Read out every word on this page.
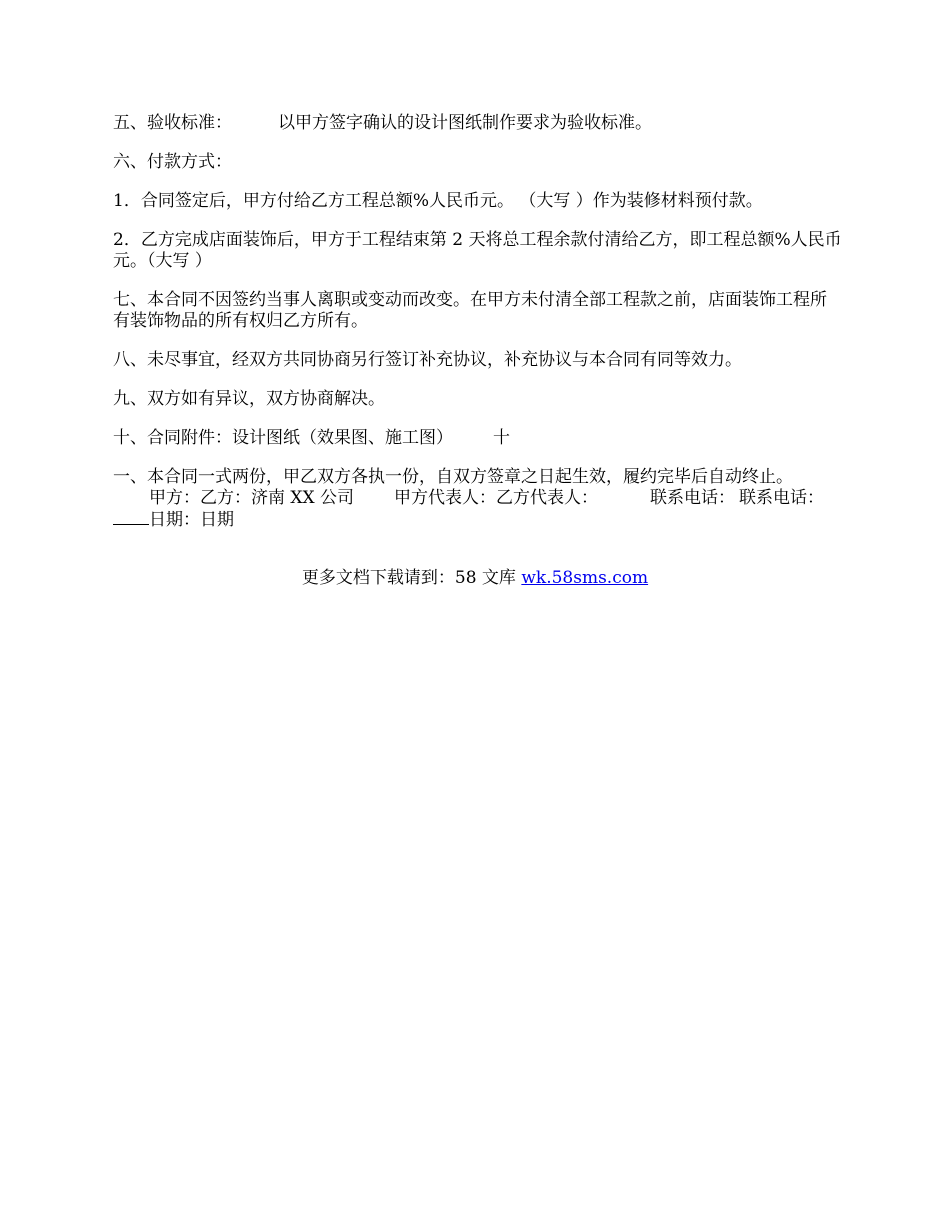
五、验收标准：	以甲方签字确认的设计图纸制作要求为验收标准。

六、付款方式：

1．合同签定后，甲方付给乙方工程总额%人民币元。 （大写 ）作为装修材料预付款。

2．乙方完成店面装饰后，甲方于工程结束第 2 天将总工程余款付清给乙方，即工程总额%人民币 元。（大写 ）

七、本合同不因签约当事人离职或变动而改变。在甲方未付清全部工程款之前，店面装饰工程所有装饰物品的所有权归乙方所有。

八、未尽事宜，经双方共同协商另行签订补充协议，补充协议与本合同有同等效力。

九、双方如有异议，双方协商解决。

十、合同附件：设计图纸（效果图、施工图） 十

一、本合同一式两份，甲乙双方各执一份，自双方签章之日起生效，履约完毕后自动终止。
甲方：乙方：济南 XX 公司 甲方代表人：乙方代表人：	联系电话： 联系电话：日期：日期

更多文档下载请到：58 文库 wk.58sms.com
